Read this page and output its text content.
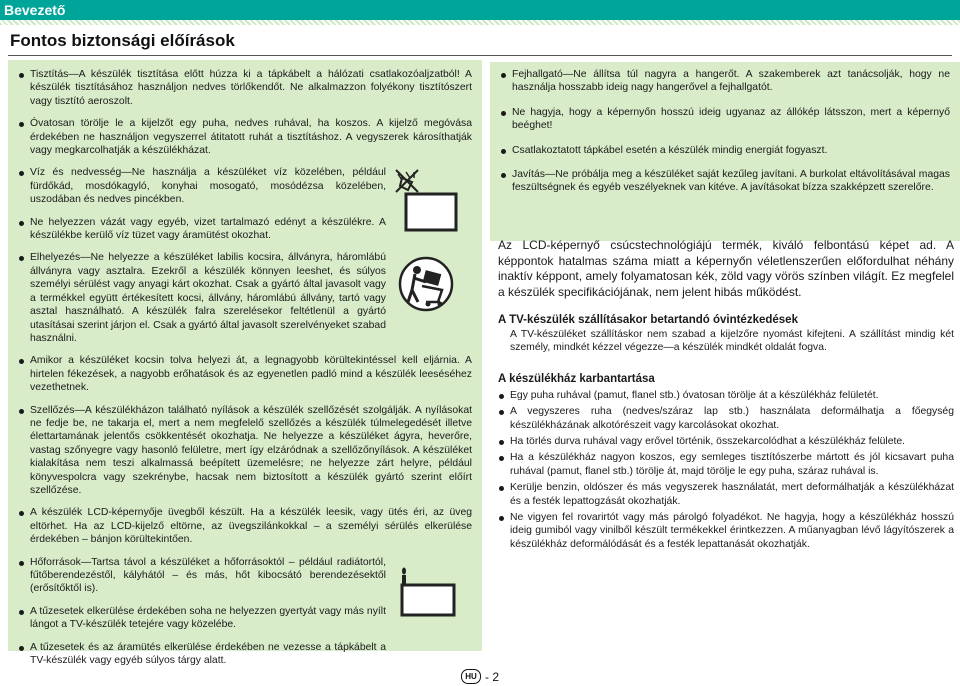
Bevezető
Fontos biztonsági előírások
Tisztítás—A készülék tisztítása előtt húzza ki a tápkábelt a hálózati csatlakozóaljzatból! A készülék tisztításához használjon nedves törlőkendőt. Ne alkalmazzon folyékony tisztítószert vagy tisztító aeroszolt.
Óvatosan törölje le a kijelzőt egy puha, nedves ruhával, ha koszos. A kijelző megóvása érdekében ne használjon vegyszerrel átitatott ruhát a tisztításhoz. A vegyszerek károsíthatják vagy megkarcolhatják a készülékházat.
Víz és nedvesség—Ne használja a készüléket víz közelében, például fürdőkád, mosdókagyló, konyhai mosogató, mosódézsa közelében, uszodában és nedves pincékben.
Ne helyezzen vázát vagy egyéb, vizet tartalmazó edényt a készülékre. A készülékbe kerülő víz tüzet vagy áramütést okozhat.
Elhelyezés—Ne helyezze a készüléket labilis kocsira, állványra, háromlábú állványra vagy asztalra. Ezekről a készülék könnyen leeshet, és súlyos személyi sérülést vagy anyagi kárt okozhat. Csak a gyártó által javasolt vagy a termékkel együtt értékesített kocsi, állvány, háromlábú állvány, tartó vagy asztal használható. A készülék falra szerelésekor feltétlenül a gyártó utasításai szerint járjon el. Csak a gyártó által javasolt szerelvényeket szabad használni.
Amikor a készüléket kocsin tolva helyezi át, a legnagyobb körültekintéssel kell eljárnia. A hirtelen fékezések, a nagyobb erőhatások és az egyenetlen padló mind a készülék leeséséhez vezethetnek.
Szellőzés—A készülékházon található nyílások a készülék szellőzését szolgálják. A nyílásokat ne fedje be, ne takarja el, mert a nem megfelelő szellőzés a készülék túlmelegedését illetve élettartamának jelentős csökkentését okozhatja. Ne helyezze a készüléket ágyra, heverőre, vastag szőnyegre vagy hasonló felületre, mert így elzáródnak a szellőzőnyílások. A készüléket kialakítása nem teszi alkalmassá beépített üzemelésre; ne helyezze zárt helyre, például könyvespolcra vagy szekrénybe, hacsak nem biztosított a készülék gyártó szerint előírt szellőzése.
A készülék LCD-képernyője üvegből készült. Ha a készülék leesik, vagy ütés éri, az üveg eltörhet. Ha az LCD-kijelző eltörne, az üvegszilánkokkal – a személyi sérülés elkerülése érdekében – bánjon körültekintően.
Hőforrások—Tartsa távol a készüléket a hőforrásoktól – például radiátortól, fűtőberendezéstől, kályhától – és más, hőt kibocsátó berendezésektől (erősítőktől is).
A tűzesetek elkerülése érdekében soha ne helyezzen gyertyát vagy más nyílt lángot a TV-készülék tetejére vagy közelébe.
A tűzesetek és az áramütés elkerülése érdekében ne vezesse a tápkábelt a TV-készülék vagy egyéb súlyos tárgy alatt.
Fejhallgató—Ne állítsa túl nagyra a hangerőt. A szakemberek azt tanácsolják, hogy ne használja hosszabb ideig nagy hangerővel a fejhallgatót.
Ne hagyja, hogy a képernyőn hosszú ideig ugyanaz az állókép látsszon, mert a képernyő beéghet!
Csatlakoztatott tápkábel esetén a készülék mindig energiát fogyaszt.
Javítás—Ne próbálja meg a készüléket saját kezűleg javítani. A burkolat eltávolításával magas feszültségnek és egyéb veszélyeknek van kitéve. A javításokat bízza szakképzett szerelőre.

Az LCD-képernyő csúcstechnológiájú termék, kiváló felbontású képet ad. A képpontok hatalmas száma miatt a képernyőn véletlenszerűen előfordulhat néhány inaktív képpont, amely folyamatosan kék, zöld vagy vörös színben világít. Ez megfelel a készülék specifikációjának, nem jelent hibás működést.

A TV-készülék szállításakor betartandó óvintézkedések

A TV-készüléket szállításkor nem szabad a kijelzőre nyomást kifejteni. A szállítást mindig két személy, mindkét kézzel végezze—a készülék mindkét oldalát fogva.

A készülékház karbantartása
Egy puha ruhával (pamut, flanel stb.) óvatosan törölje át a készülékház felületét.
A vegyszeres ruha (nedves/száraz lap stb.) használata deformálhatja a főegység készülékházának alkotórészeit vagy karcolásokat okozhat.
Ha törlés durva ruhával vagy erővel történik, összekarcolódhat a készülékház felülete.
Ha a készülékház nagyon koszos, egy semleges tisztítószerbe mártott és jól kicsavart puha ruhával (pamut, flanel stb.) törölje át, majd törölje le egy puha, száraz ruhával is.
Kerülje benzin, oldószer és más vegyszerek használatát, mert deformálhatják a készülékházat és a festék lepattogzását okozhatják.
Ne vigyen fel rovarirtót vagy más párolgó folyadékot. Ne hagyja, hogy a készülékház hosszú ideig gumiból vagy vinilből készült termékekkel érintkezzen. A műanyagban lévő lágyítószerek a készülékház deformálódását és a festék lepattanását okozhatják.
HU - 2
